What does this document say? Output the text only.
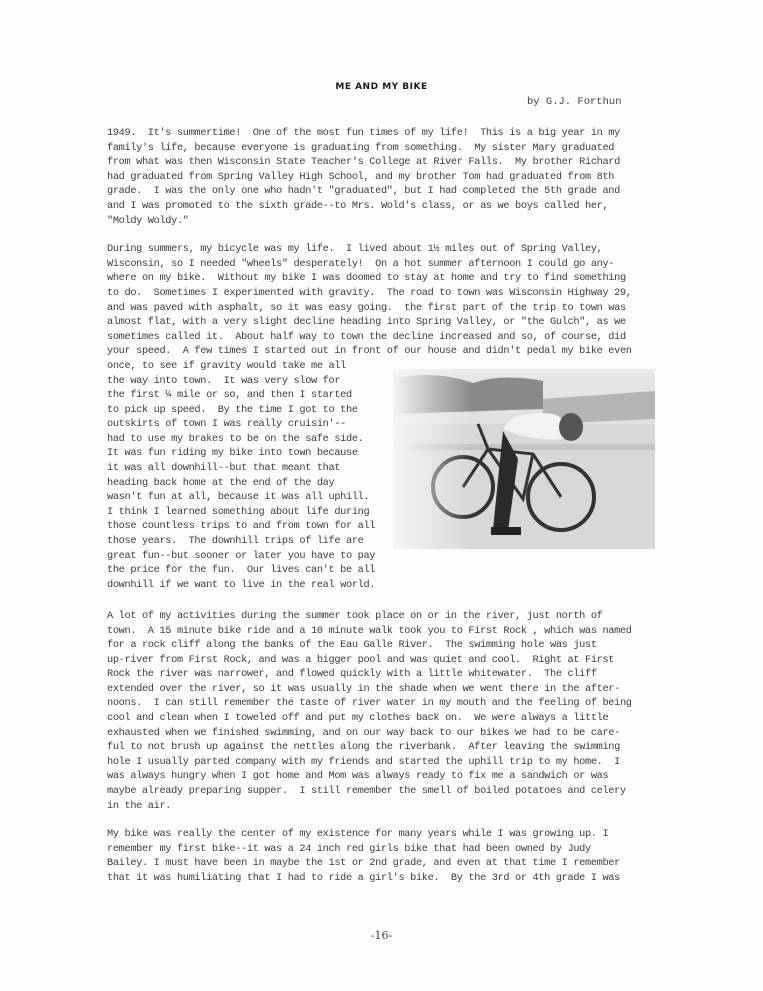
ME AND MY BIKE
by G.J. Forthun
1949.  It's summertime!  One of the most fun times of my life!  This is a big year in my
family's life, because everyone is graduating from something.  My sister Mary graduated
from what was then Wisconsin State Teacher's College at River Falls.  My brother Richard
had graduated from Spring Valley High School, and my brother Tom had graduated from 8th
grade.  I was the only one who hadn't "graduated", but I had completed the 5th grade and
and I was promoted to the sixth grade--to Mrs. Wold's class, or as we boys called her,
"Moldy Woldy."
During summers, my bicycle was my life.  I lived about 1½ miles out of Spring Valley,
Wisconsin, so I needed "wheels" desperately!  On a hot summer afternoon I could go any-
where on my bike.  Without my bike I was doomed to stay at home and try to find something
to do.  Sometimes I experimented with gravity.  The road to town was Wisconsin Highway 29,
and was paved with asphalt, so it was easy going.  the first part of the trip to town was
almost flat, with a very slight decline heading into Spring Valley, or "the Gulch", as we
sometimes called it.  About half way to town the decline increased and so, of course, did
your speed.  A few times I started out in front of our house and didn't pedal my bike even
once, to see if gravity would take me all
the way into town.  It was very slow for
the first ¼ mile or so, and then I started
to pick up speed.  By the time I got to the
outskirts of town I was really cruisin'--
had to use my brakes to be on the safe side.
It was fun riding my bike into town because
it was all downhill--but that meant that
heading back home at the end of the day
wasn't fun at all, because it was all uphill.
I think I learned something about life during
those countless trips to and from town for all
those years.  The downhill trips of life are
great fun--but sooner or later you have to pay
the price for the fun.  Our lives can't be all
downhill if we want to live in the real world.
A lot of my activities during the summer took place on or in the river, just north of
town.  A 15 minute bike ride and a 10 minute walk took you to First Rock , which was named
for a rock cliff along the banks of the Eau Galle River.  The swimming hole was just
up-river from First Rock, and was a bigger pool and was quiet and cool.  Right at First
Rock the river was narrower, and flowed quickly with a little whitewater.  The cliff
extended over the river, so it was usually in the shade when we went there in the after-
noons.  I can still remember the taste of river water in my mouth and the feeling of being
cool and clean when I toweled off and put my clothes back on.  We were always a little
exhausted when we finished swimming, and on our way back to our bikes we had to be care-
ful to not brush up against the nettles along the riverbank.  After leaving the swimming
hole I usually parted company with my friends and started the uphill trip to my home.  I
was always hungry when I got home and Mom was always ready to fix me a sandwich or was
maybe already preparing supper.  I still remember the smell of boiled potatoes and celery
in the air.
My bike was really the center of my existence for many years while I was growing up. I
remember my first bike--it was a 24 inch red girls bike that had been owned by Judy
Bailey. I must have been in maybe the 1st or 2nd grade, and even at that time I remember
that it was humiliating that I had to ride a girl's bike.  By the 3rd or 4th grade I was
-16-
